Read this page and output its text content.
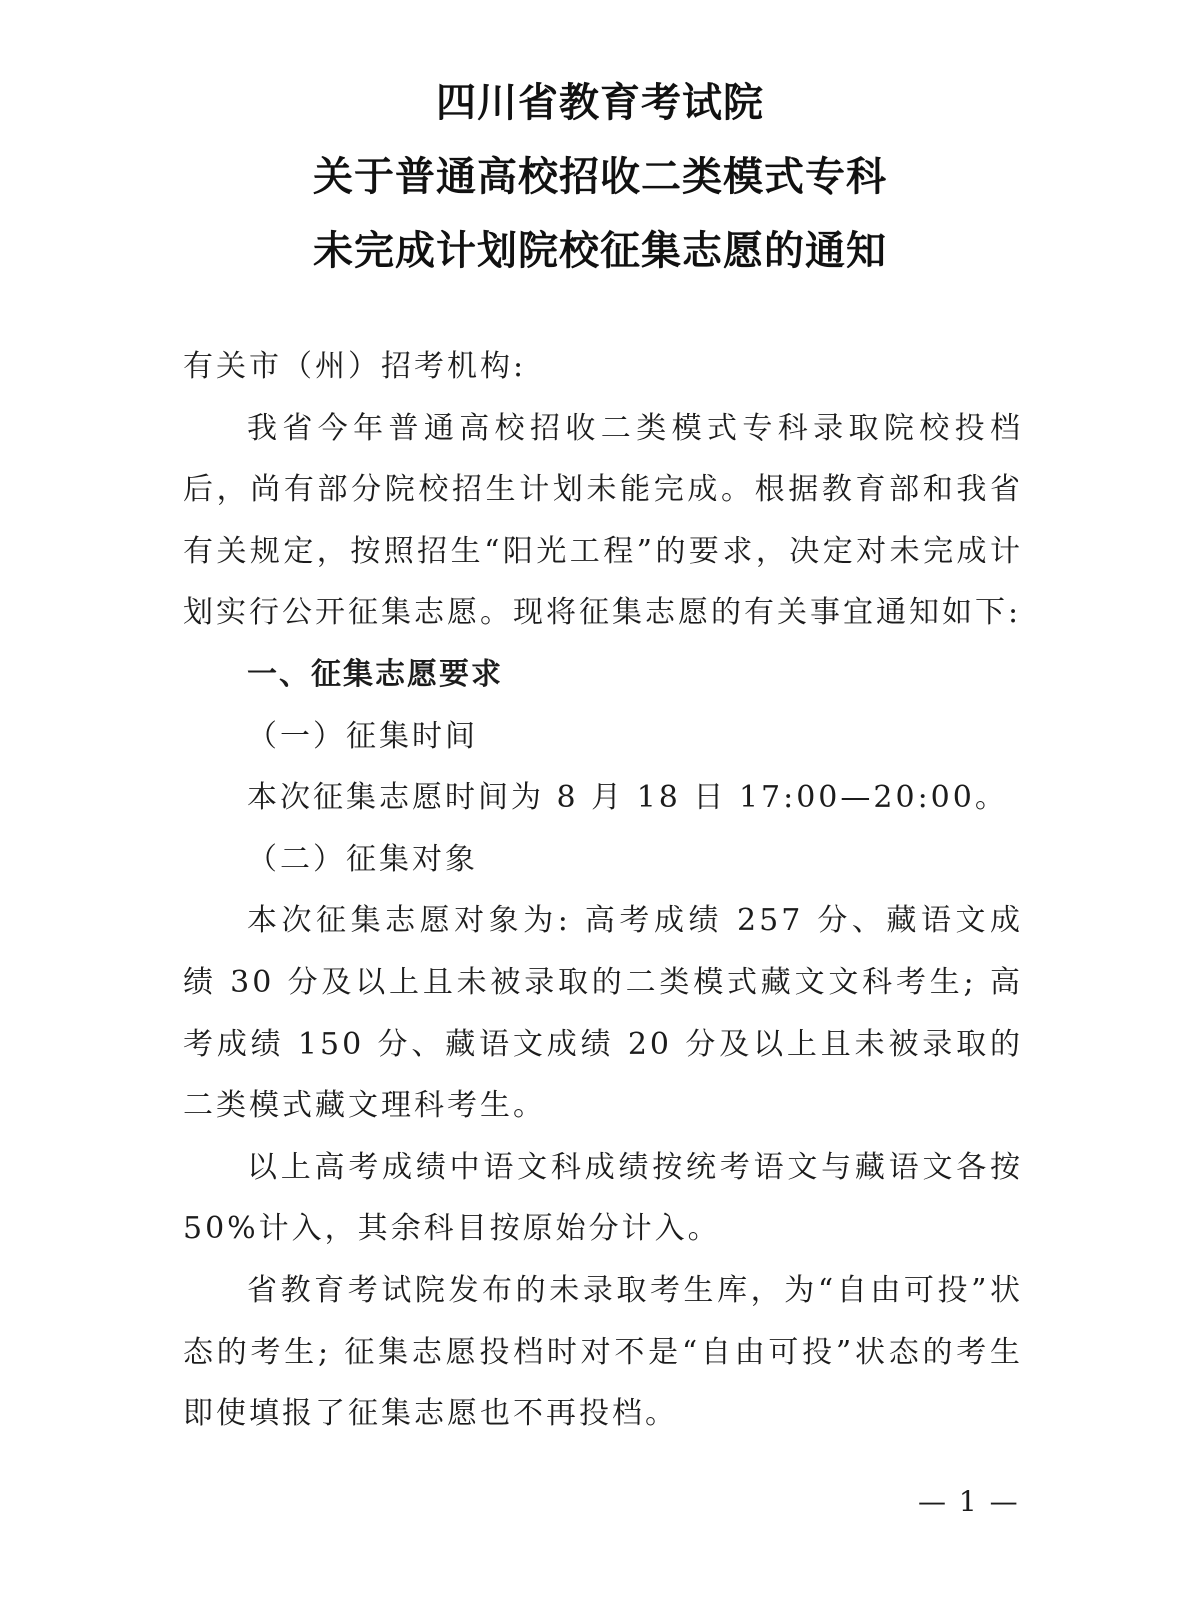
四川省教育考试院
关于普通高校招收二类模式专科
未完成计划院校征集志愿的通知

有关市（州）招考机构:

我省今年普通高校招收二类模式专科录取院校投档后，尚有部分院校招生计划未能完成。根据教育部和我省有关规定，按照招生“阳光工程”的要求，决定对未完成计划实行公开征集志愿。现将征集志愿的有关事宜通知如下:

一、征集志愿要求

（一）征集时间

本次征集志愿时间为 8 月 18 日 17:00—20:00。

（二）征集对象

本次征集志愿对象为: 高考成绩 257 分、藏语文成绩 30 分及以上且未被录取的二类模式藏文文科考生; 高考成绩 150 分、藏语文成绩 20 分及以上且未被录取的二类模式藏文理科考生。

以上高考成绩中语文科成绩按统考语文与藏语文各按 50%计入，其余科目按原始分计入。

省教育考试院发布的未录取考生库，为“自由可投”状态的考生; 征集志愿投档时对不是“自由可投”状态的考生即使填报了征集志愿也不再投档。

— 1 —
